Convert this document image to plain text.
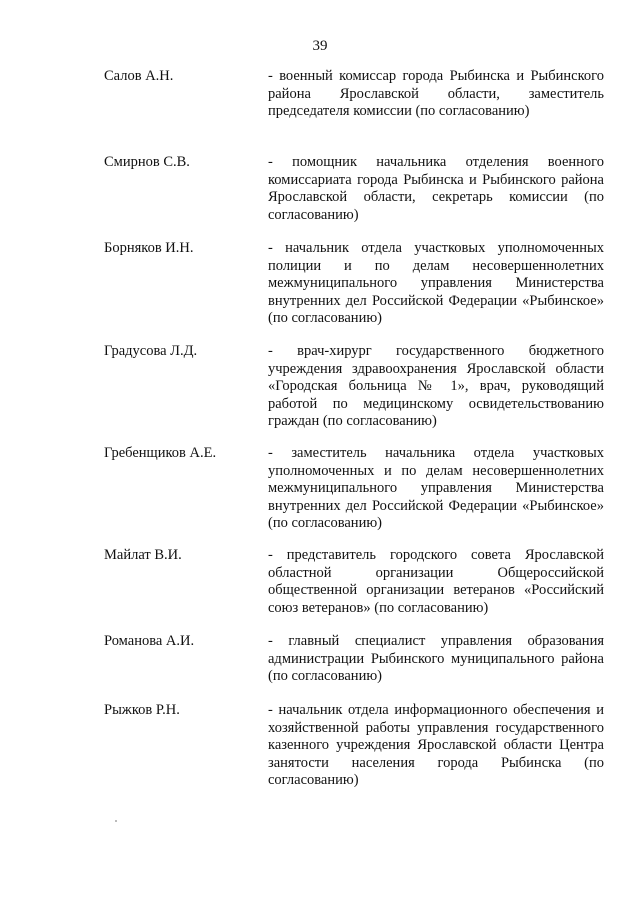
39
Салов А.Н.	- военный комиссар города Рыбинска и Рыбинского района Ярославской области, заместитель председателя комиссии (по согласованию)
Смирнов С.В.	- помощник начальника отделения военного комиссариата города Рыбинска и Рыбинского района Ярославской области, секретарь комиссии (по согласованию)
Борняков И.Н.	- начальник отдела участковых уполномоченных полиции и по делам несовершеннолетних межмуниципального управления Министерства внутренних дел Российской Федерации «Рыбинское» (по согласованию)
Градусова Л.Д.	- врач-хирург государственного бюджетного учреждения здравоохранения Ярославской области «Городская больница № 1», врач, руководящий работой по медицинскому освидетельствованию граждан (по согласованию)
Гребенщиков А.Е.	- заместитель начальника отдела участковых уполномоченных и по делам несовершеннолетних межмуниципального управления Министерства внутренних дел Российской Федерации «Рыбинское» (по согласованию)
Майлат В.И.	- представитель городского совета Ярославской областной организации Общероссийской общественной организации ветеранов «Российский союз ветеранов» (по согласованию)
Романова А.И.	- главный специалист управления образования администрации Рыбинского муниципального района (по согласованию)
Рыжков Р.Н.	- начальник отдела информационного обеспечения и хозяйственной работы управления государственного казенного учреждения Ярославской области Центра занятости населения города Рыбинска (по согласованию)
